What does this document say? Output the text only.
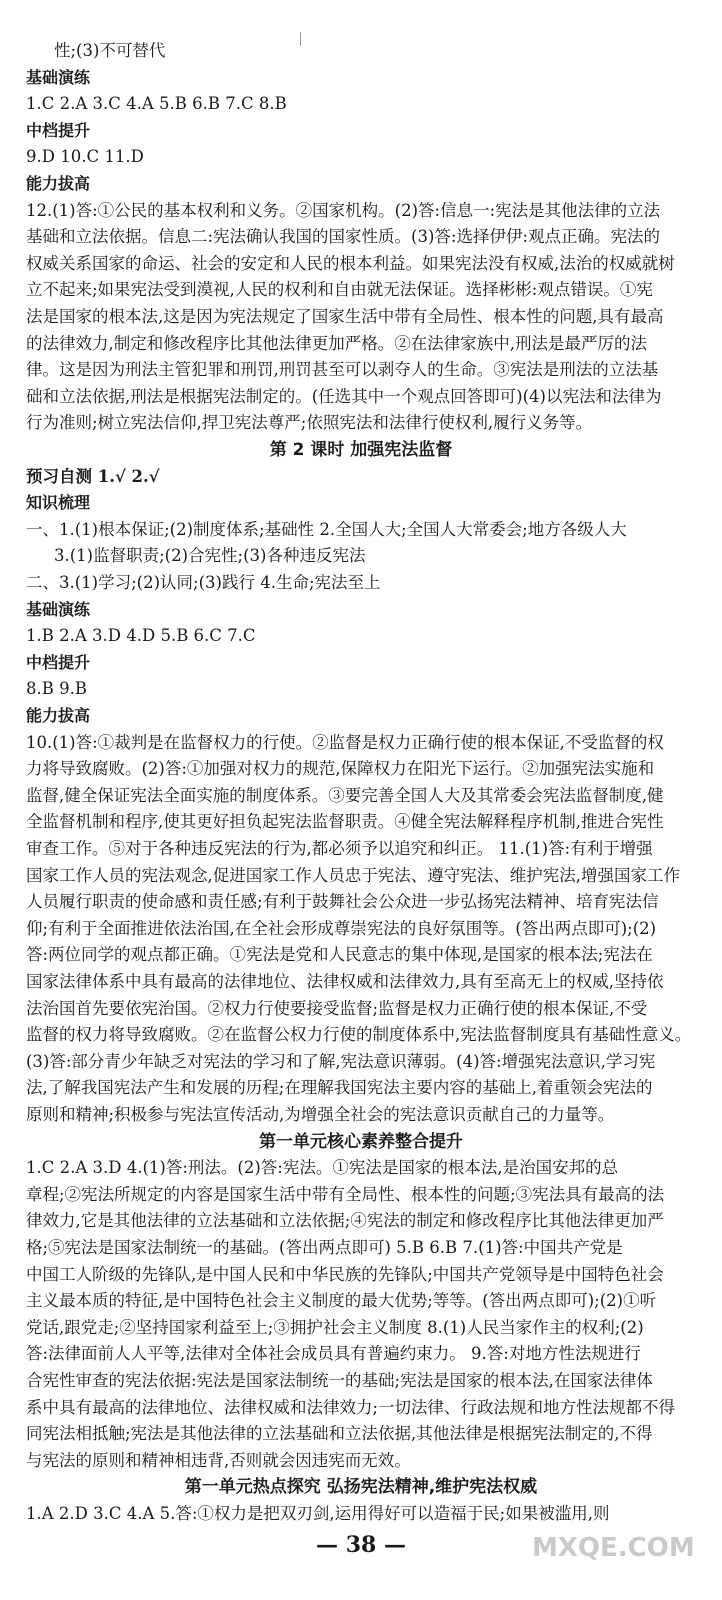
性;(3)不可替代
基础演练
1.C 2.A 3.C 4.A 5.B 6.B 7.C 8.B
中档提升
9.D 10.C 11.D
能力拔高
12.(1)答:①公民的基本权利和义务。②国家机构。(2)答:信息一:宪法是其他法律的立法
基础和立法依据。信息二:宪法确认我国的国家性质。(3)答:选择伊伊:观点正确。宪法的
权威关系国家的命运、社会的安定和人民的根本利益。如果宪法没有权威,法治的权威就树
立不起来;如果宪法受到漠视,人民的权利和自由就无法保证。选择彬彬:观点错误。①宪
法是国家的根本法,这是因为宪法规定了国家生活中带有全局性、根本性的问题,具有最高
的法律效力,制定和修改程序比其他法律更加严格。②在法律家族中,刑法是最严厉的法
律。这是因为刑法主管犯罪和刑罚,刑罚甚至可以剥夺人的生命。③宪法是刑法的立法基
础和立法依据,刑法是根据宪法制定的。(任选其中一个观点回答即可)(4)以宪法和法律为
行为准则;树立宪法信仰,捍卫宪法尊严;依照宪法和法律行使权利,履行义务等。
第 2 课时 加强宪法监督
预习自测 1.√ 2.√
知识梳理
一、1.(1)根本保证;(2)制度体系;基础性 2.全国人大;全国人大常委会;地方各级人大
3.(1)监督职责;(2)合宪性;(3)各种违反宪法
二、3.(1)学习;(2)认同;(3)践行 4.生命;宪法至上
基础演练
1.B 2.A 3.D 4.D 5.B 6.C 7.C
中档提升
8.B 9.B
能力拔高
10.(1)答:①裁判是在监督权力的行使。②监督是权力正确行使的根本保证,不受监督的权
力将导致腐败。(2)答:①加强对权力的规范,保障权力在阳光下运行。②加强宪法实施和
监督,健全保证宪法全面实施的制度体系。③要完善全国人大及其常委会宪法监督制度,健
全监督机制和程序,使其更好担负起宪法监督职责。④健全宪法解释程序机制,推进合宪性
审查工作。⑤对于各种违反宪法的行为,都必须予以追究和纠正。 11.(1)答:有利于增强
国家工作人员的宪法观念,促进国家工作人员忠于宪法、遵守宪法、维护宪法,增强国家工作
人员履行职责的使命感和责任感;有利于鼓舞社会公众进一步弘扬宪法精神、培育宪法信
仰;有利于全面推进依法治国,在全社会形成尊崇宪法的良好氛围等。(答出两点即可);(2)
答:两位同学的观点都正确。①宪法是党和人民意志的集中体现,是国家的根本法;宪法在
国家法律体系中具有最高的法律地位、法律权威和法律效力,具有至高无上的权威,坚持依
法治国首先要依宪治国。②权力行使要接受监督;监督是权力正确行使的根本保证,不受
监督的权力将导致腐败。②在监督公权力行使的制度体系中,宪法监督制度具有基础性意义。
(3)答:部分青少年缺乏对宪法的学习和了解,宪法意识薄弱。(4)答:增强宪法意识,学习宪
法,了解我国宪法产生和发展的历程;在理解我国宪法主要内容的基础上,着重领会宪法的
原则和精神;积极参与宪法宣传活动,为增强全社会的宪法意识贡献自己的力量等。
第一单元核心素养整合提升
1.C 2.A 3.D 4.(1)答:刑法。(2)答:宪法。①宪法是国家的根本法,是治国安邦的总
章程;②宪法所规定的内容是国家生活中带有全局性、根本性的问题;③宪法具有最高的法
律效力,它是其他法律的立法基础和立法依据;④宪法的制定和修改程序比其他法律更加严
格;⑤宪法是国家法制统一的基础。(答出两点即可) 5.B 6.B 7.(1)答:中国共产党是
中国工人阶级的先锋队,是中国人民和中华民族的先锋队;中国共产党领导是中国特色社会
主义最本质的特征,是中国特色社会主义制度的最大优势;等等。(答出两点即可);(2)①听
党话,跟党走;②坚持国家利益至上;③拥护社会主义制度 8.(1)人民当家作主的权利;(2)
答:法律面前人人平等,法律对全体社会成员具有普遍约束力。 9.答:对地方性法规进行
合宪性审查的宪法依据:宪法是国家法制统一的基础;宪法是国家的根本法,在国家法律体
系中具有最高的法律地位、法律权威和法律效力;一切法律、行政法规和地方性法规都不得
同宪法相抵触;宪法是其他法律的立法基础和立法依据,其他法律是根据宪法制定的,不得
与宪法的原则和精神相违背,否则就会因违宪而无效。
第一单元热点探究 弘扬宪法精神,维护宪法权威
1.A 2.D 3.C 4.A 5.答:①权力是把双刃剑,运用得好可以造福于民;如果被滥用,则
— 38 —	MXQE.COM
